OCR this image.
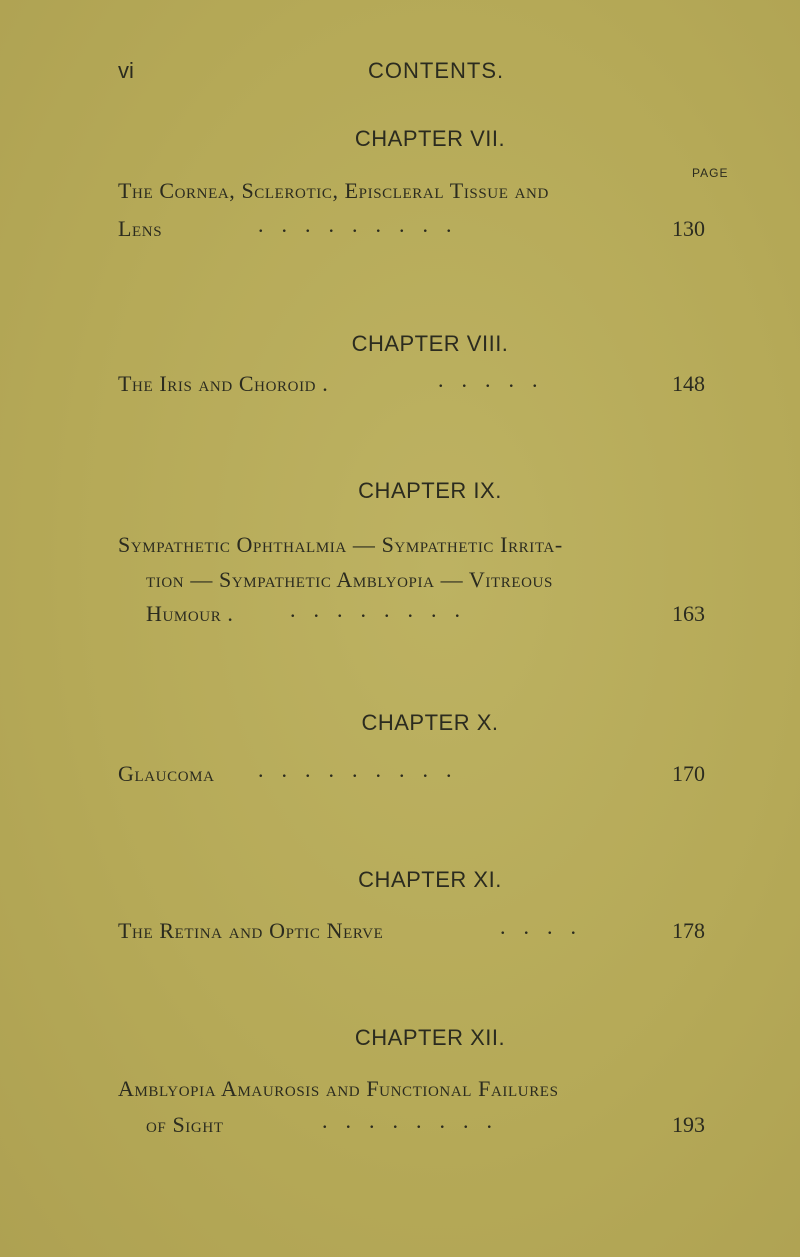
vi	CONTENTS.
CHAPTER VII.
PAGE
The Cornea, Sclerotic, Episcleral Tissue and
Lens	.........	130
CHAPTER VIII.
The Iris and Choroid .	.....	148
CHAPTER IX.
Sympathetic Ophthalmia — Sympathetic Irrita-
tion — Sympathetic Amblyopia — Vitreous
Humour .	........	163
CHAPTER X.
Glaucoma .........	170
CHAPTER XI.
The Retina and Optic Nerve	....	178
CHAPTER XII.
Amblyopia Amaurosis and Functional Failures
of Sight	........	193
